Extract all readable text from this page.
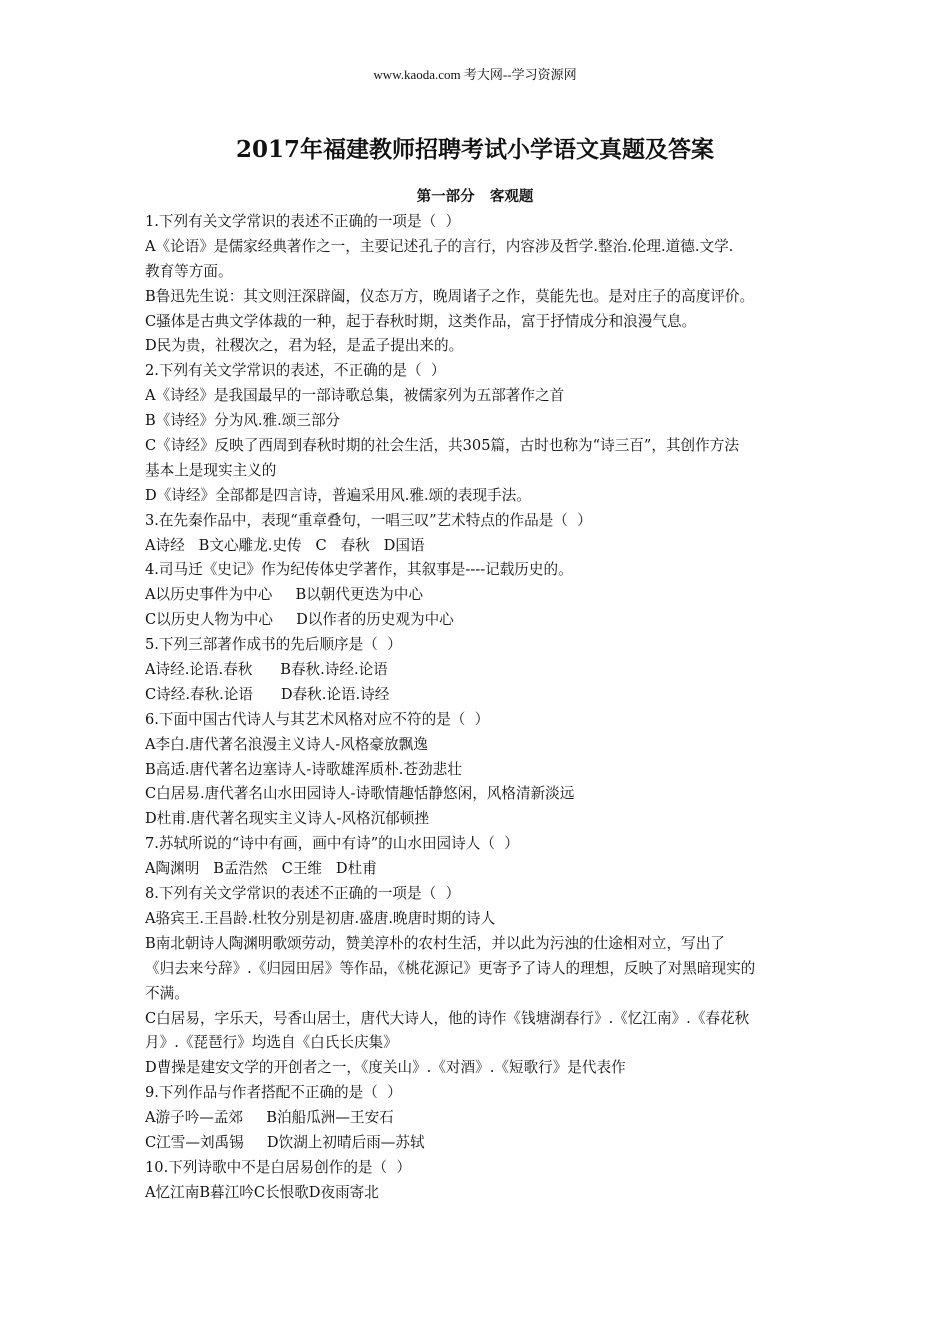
www.kaoda.com 考大网--学习资源网
2017年福建教师招聘考试小学语文真题及答案
第一部分   客观题
1.下列有关文学常识的表述不正确的一项是（  ）
A《论语》是儒家经典著作之一，主要记述孔子的言行，内容涉及哲学.整治.伦理.道德.文学.
教育等方面。
B鲁迅先生说：其文则汪深辟阖，仪态万方，晚周诸子之作，莫能先也。是对庄子的高度评价。
C骚体是古典文学体裁的一种，起于春秋时期，这类作品，富于抒情成分和浪漫气息。
D民为贵，社稷次之，君为轻，是孟子提出来的。
2.下列有关文学常识的表述，不正确的是（  ）
A《诗经》是我国最早的一部诗歌总集，被儒家列为五部著作之首
B《诗经》分为风.雅.颂三部分
C《诗经》反映了西周到春秋时期的社会生活，共305篇，古时也称为“诗三百”，其创作方法
基本上是现实主义的
D《诗经》全部都是四言诗，普遍采用风.雅.颂的表现手法。
3.在先秦作品中，表现“重章叠句，一唱三叹”艺术特点的作品是（  ）
A诗经   B文心雕龙.史传   C   春秋   D国语
4.司马迁《史记》作为纪传体史学著作，其叙事是----记载历史的。
A以历史事件为中心     B以朝代更迭为中心
C以历史人物为中心     D以作者的历史观为中心
5.下列三部著作成书的先后顺序是（  ）
A诗经.论语.春秋      B春秋.诗经.论语
C诗经.春秋.论语      D春秋.论语.诗经
6.下面中国古代诗人与其艺术风格对应不符的是（  ）
A李白.唐代著名浪漫主义诗人-风格豪放飘逸
B高适.唐代著名边塞诗人-诗歌雄浑质朴.苍劲悲壮
C白居易.唐代著名山水田园诗人-诗歌情趣恬静悠闲，风格清新淡远
D杜甫.唐代著名现实主义诗人-风格沉郁顿挫
7.苏轼所说的“诗中有画，画中有诗”的山水田园诗人（  ）
A陶渊明   B孟浩然   C王维   D杜甫
8.下列有关文学常识的表述不正确的一项是（  ）
A骆宾王.王昌龄.杜牧分别是初唐.盛唐.晚唐时期的诗人
B南北朝诗人陶渊明歌颂劳动，赞美淳朴的农村生活，并以此为污浊的仕途相对立，写出了
《归去来兮辞》.《归园田居》等作品，《桃花源记》更寄予了诗人的理想，反映了对黑暗现实的
不满。
C白居易，字乐天，号香山居士，唐代大诗人，他的诗作《钱塘湖春行》.《忆江南》.《春花秋
月》.《琵琶行》均选自《白氏长庆集》
D曹操是建安文学的开创者之一，《度关山》.《对酒》.《短歌行》是代表作
9.下列作品与作者搭配不正确的是（  ）
A游子吟—孟郊     B泊船瓜洲—王安石
C江雪—刘禹锡     D饮湖上初晴后雨—苏轼
10.下列诗歌中不是白居易创作的是（  ）
A忆江南B暮江吟C长恨歌D夜雨寄北
